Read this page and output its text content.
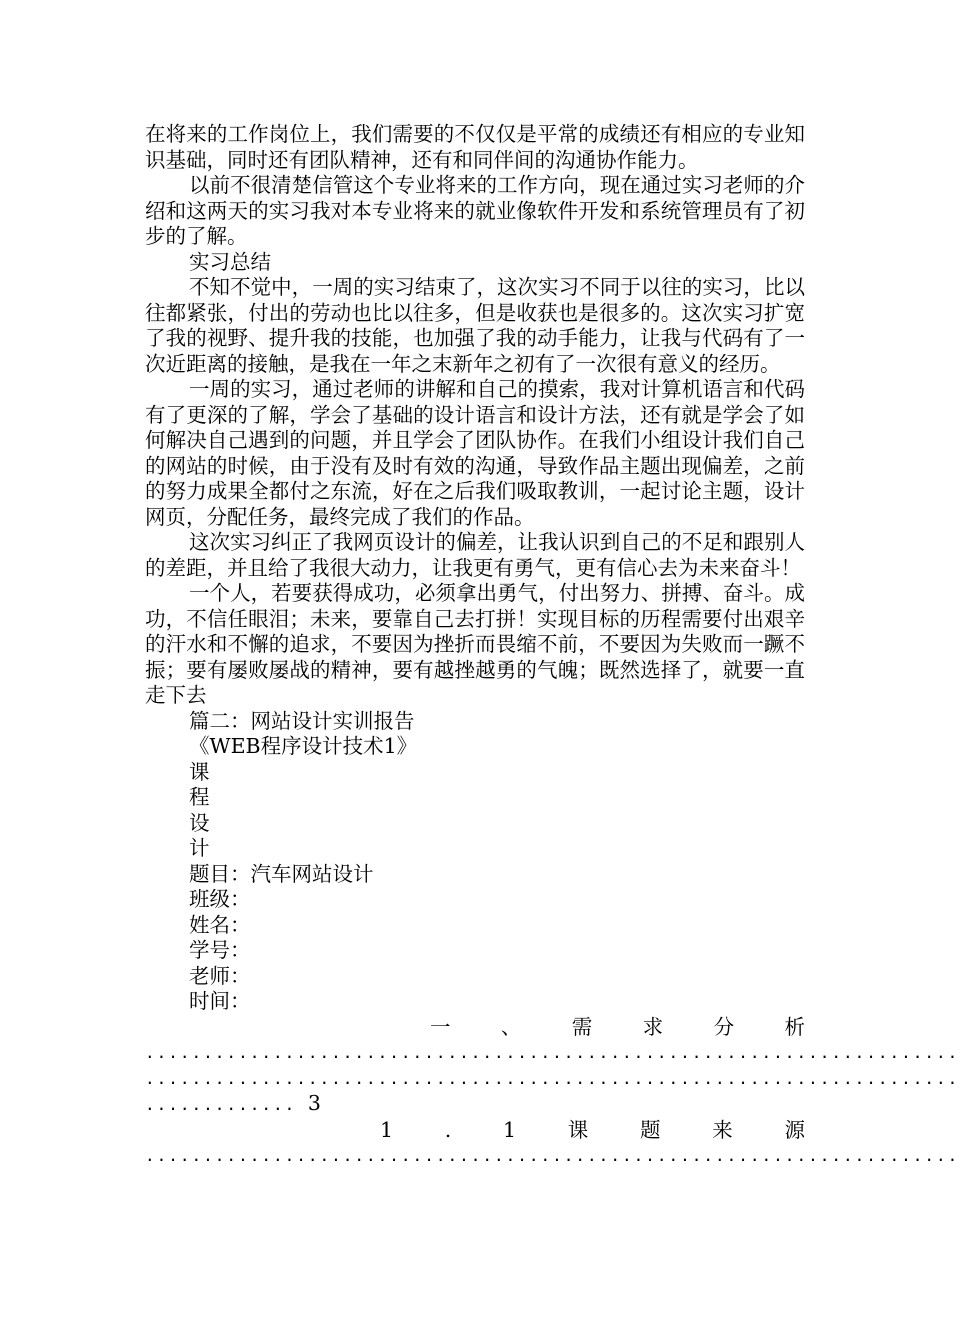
在将来的工作岗位上，我们需要的不仅仅是平常的成绩还有相应的专业知识基础，同时还有团队精神，还有和同伴间的沟通协作能力。

以前不很清楚信管这个专业将来的工作方向，现在通过实习老师的介绍和这两天的实习我对本专业将来的就业像软件开发和系统管理员有了初步的了解。

实习总结

不知不觉中，一周的实习结束了，这次实习不同于以往的实习，比以往都紧张，付出的劳动也比以往多，但是收获也是很多的。这次实习扩宽了我的视野、提升我的技能，也加强了我的动手能力，让我与代码有了一次近距离的接触，是我在一年之末新年之初有了一次很有意义的经历。

一周的实习，通过老师的讲解和自己的摸索，我对计算机语言和代码有了更深的了解，学会了基础的设计语言和设计方法，还有就是学会了如何解决自己遇到的问题，并且学会了团队协作。在我们小组设计我们自己的网站的时候，由于没有及时有效的沟通，导致作品主题出现偏差，之前的努力成果全都付之东流，好在之后我们吸取教训，一起讨论主题，设计网页，分配任务，最终完成了我们的作品。

这次实习纠正了我网页设计的偏差，让我认识到自己的不足和跟别人的差距，并且给了我很大动力，让我更有勇气，更有信心去为未来奋斗！

一个人，若要获得成功，必须拿出勇气，付出努力、拼搏、奋斗。成功，不信任眼泪；未来，要靠自己去打拼！实现目标的历程需要付出艰辛的汗水和不懈的追求，不要因为挫折而畏缩不前，不要因为失败而一蹶不振；要有屡败屡战的精神，要有越挫越勇的气魄；既然选择了，就要一直走下去

篇二：网站设计实训报告

《WEB程序设计技术1》

课

程

设

计

题目：汽车网站设计

班级：

姓名：

学号：

老师：

时间：

一 、 需 求 分 析

......................................................................

......................................................................

............. 3

1	.	1	课	题	来	源

......................................................................
